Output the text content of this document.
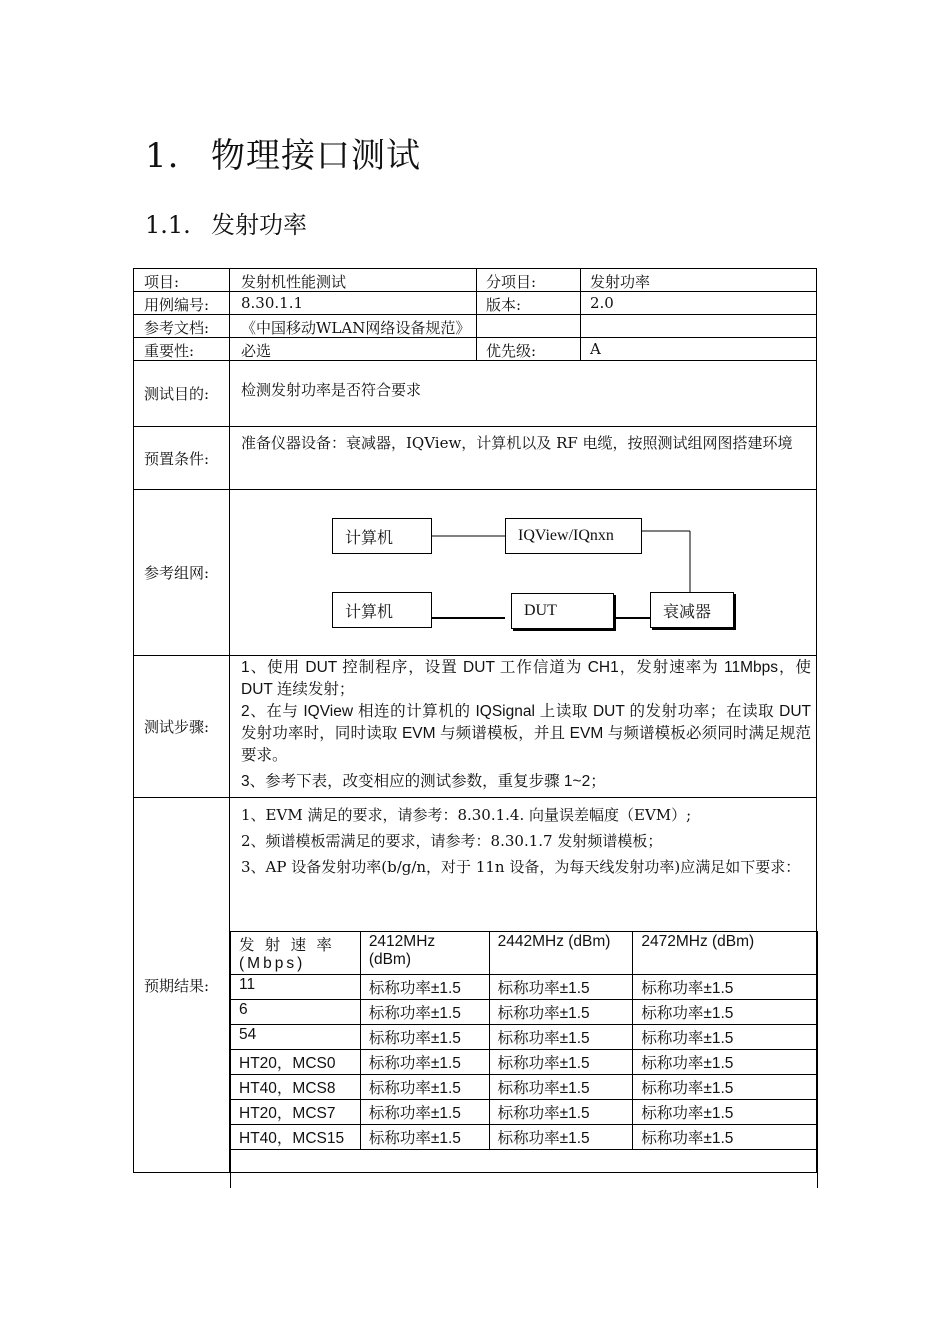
1. 物理接口测试
1.1. 发射功率
项目:	发射机性能测试	分项目:	发射功率
用例编号: 8.30.1.1	版本:	2.0
参考文档: 《中国移动WLAN网络设备规范》
重要性:	必选	优先级:	A
测试目的:	检测发射功率是否符合要求
预置条件:
准备仪器设备：衰减器，IQView，计算机以及 RF 电缆，按照测试组网图搭建环境
参考组网:
计算机	IQView/IQnxn
计算机	DUT	衰减器
测试步骤:
1、使用 DUT 控制程序，设置 DUT 工作信道为 CH1，发射速率为 11Mbps，使 DUT 连续发射；
2、在与 IQView 相连的计算机的 IQSignal 上读取 DUT 的发射功率；在读取 DUT 发射功率时，同时读取 EVM 与频谱模板，并且 EVM 与频谱模板必须同时满足规范要求。
3、参考下表，改变相应的测试参数，重复步骤 1~2；
预期结果:
1、EVM 满足的要求，请参考：8.30.1.4. 向量误差幅度（EVM）;
2、频谱模板需满足的要求，请参考：8.30.1.7 发射频谱模板；
3、AP 设备发射功率(b/g/n，对于 11n 设备，为每天线发射功率)应满足如下要求：
发 射 速 率 (Mbps)	2412MHz (dBm)	2442MHz (dBm)	2472MHz (dBm)
11	标称功率±1.5	标称功率±1.5	标称功率±1.5
6	标称功率±1.5	标称功率±1.5	标称功率±1.5
54	标称功率±1.5	标称功率±1.5	标称功率±1.5
HT20，MCS0	标称功率±1.5	标称功率±1.5	标称功率±1.5
HT40，MCS8	标称功率±1.5	标称功率±1.5	标称功率±1.5
HT20，MCS7	标称功率±1.5	标称功率±1.5	标称功率±1.5
HT40，MCS15	标称功率±1.5	标称功率±1.5	标称功率±1.5
